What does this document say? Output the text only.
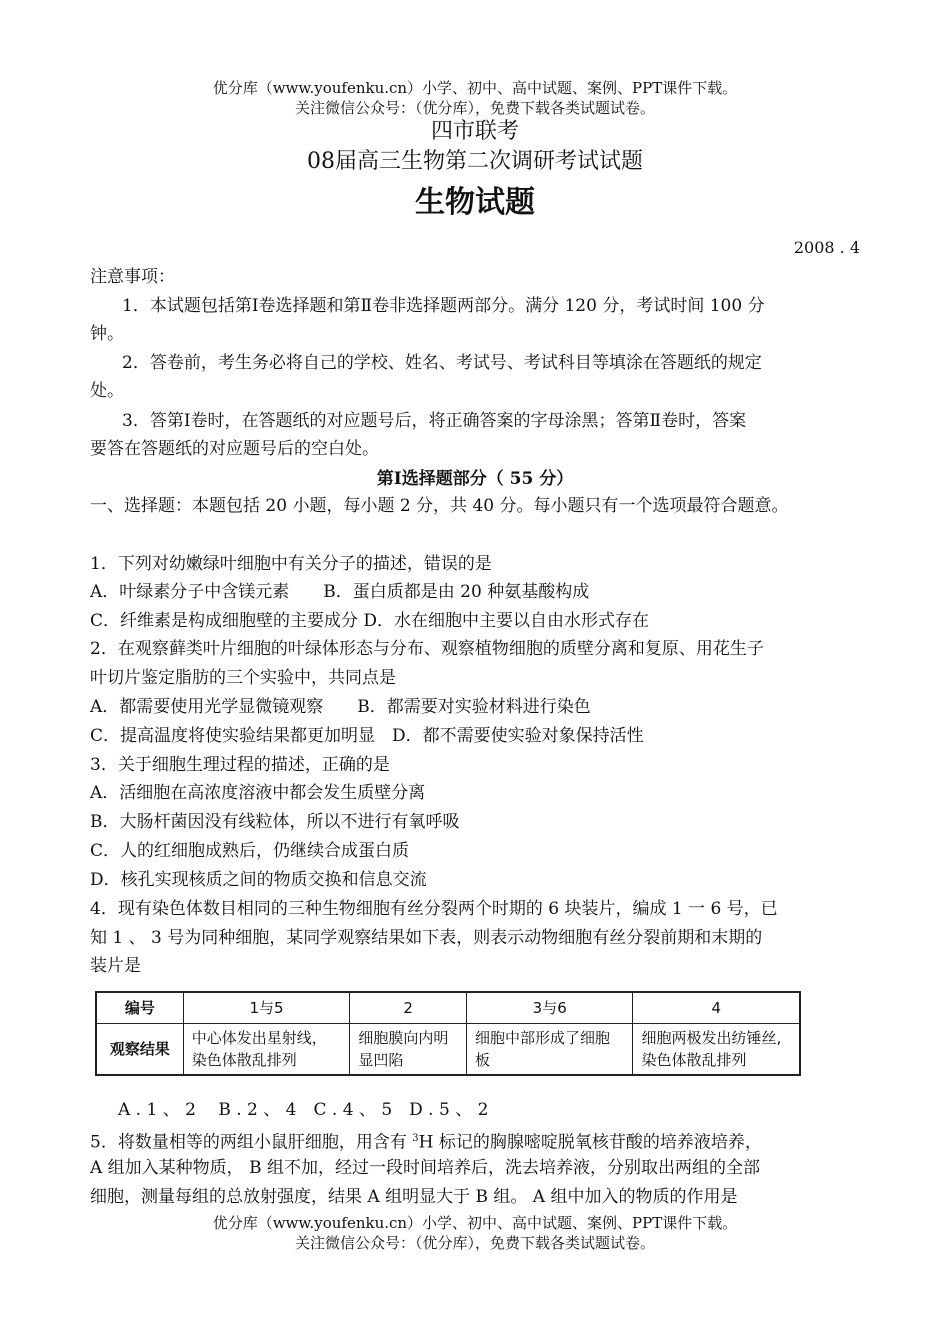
优分库（www.youfenku.cn）小学、初中、高中试题、案例、PPT课件下载。
关注微信公众号：（优分库），免费下载各类试题试卷。
四市联考
08届高三生物第二次调研考试试题
生物试题
2008 . 4
注意事项：
1．本试题包括第Ⅰ卷选择题和第Ⅱ卷非选择题两部分。满分 120 分，考试时间 100 分
钟。
2．答卷前，考生务必将自己的学校、姓名、考试号、考试科目等填涂在答题纸的规定
处。
3．答第Ⅰ卷时，在答题纸的对应题号后，将正确答案的字母涂黑；答第Ⅱ卷时，答案
要答在答题纸的对应题号后的空白处。
第Ⅰ选择题部分（ 55 分）
一、选择题：本题包括 20 小题，每小题 2 分，共 40 分。每小题只有一个选项最符合题意。
1．下列对幼嫩绿叶细胞中有关分子的描述，错误的是
A．叶绿素分子中含镁元素　　B．蛋白质都是由 20 种氨基酸构成
C．纤维素是构成细胞壁的主要成分 D．水在细胞中主要以自由水形式存在
2．在观察藓类叶片细胞的叶绿体形态与分布、观察植物细胞的质壁分离和复原、用花生子
叶切片鉴定脂肪的三个实验中，共同点是
A．都需要使用光学显微镜观察　　B．都需要对实验材料进行染色
C．提高温度将使实验结果都更加明显　D．都不需要使实验对象保持活性
3．关于细胞生理过程的描述，正确的是
A．活细胞在高浓度溶液中都会发生质壁分离
B．大肠杆菌因没有线粒体，所以不进行有氧呼吸
C．人的红细胞成熟后，仍继续合成蛋白质
D．核孔实现核质之间的物质交换和信息交流
4．现有染色体数目相同的三种生物细胞有丝分裂两个时期的 6 块装片，编成 1 一 6 号，已
知 1 、 3 号为同种细胞，某同学观察结果如下表，则表示动物细胞有丝分裂前期和末期的
装片是
编号	1与5	2	3与6	4
观察结果	中心体发出星射线，染色体散乱排列	细胞膜向内明显凹陷	细胞中部形成了细胞板	细胞两极发出纺锤丝,染色体散乱排列
A . 1 、 2　 B . 2 、 4　C . 4 、 5　D . 5 、 2
5．将数量相等的两组小鼠肝细胞，用含有 $^3$H 标记的胸腺嘧啶脱氧核苷酸的培养液培养，
A 组加入某种物质， B 组不加，经过一段时间培养后，洗去培养液，分别取出两组的全部
细胞，测量每组的总放射强度，结果 A 组明显大于 B 组。 A 组中加入的物质的作用是
优分库（www.youfenku.cn）小学、初中、高中试题、案例、PPT课件下载。
关注微信公众号：（优分库），免费下载各类试题试卷。
